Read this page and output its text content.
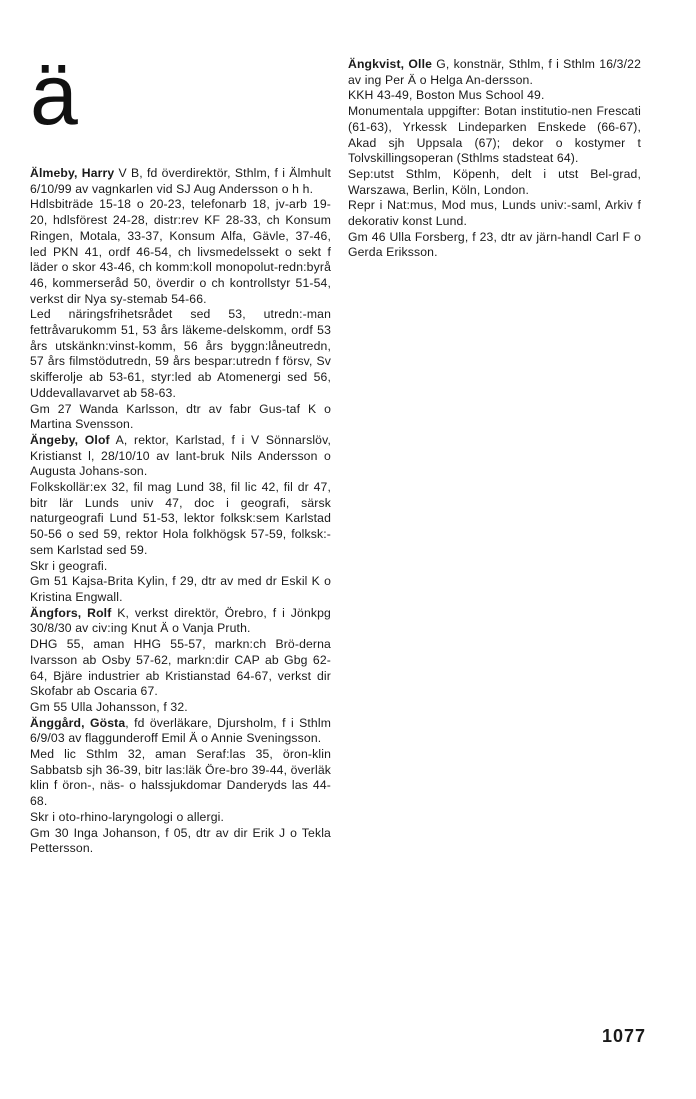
ä

Älmeby, Harry V B, fd överdirektör, Sthlm, f i Älmhult 6/10/99 av vagnkarlen vid SJ Aug Andersson o h h.

Hdlsbiträde 15-18 o 20-23, telefonarb 18, jv-arb 19-20, hdlsförest 24-28, distr:rev KF 28-33, ch Konsum Ringen, Motala, 33-37, Konsum Alfa, Gävle, 37-46, led PKN 41, ordf 46-54, ch livsmedelssekt o sekt f läder o skor 43-46, ch komm:koll monopolut-redn:byrå 46, kommerseråd 50, överdir o ch kontrollstyr 51-54, verkst dir Nya sy-stemab 54-66.

Led näringsfrihetsrådet sed 53, utredn:-man fettråvarukomm 51, 53 års läkeme-delskomm, ordf 53 års utskänkn:vinst-komm, 56 års byggn:låneutredn, 57 års filmstödutredn, 59 års bespar:utredn f försv, Sv skifferolje ab 53-61, styr:led ab Atomenergi sed 56, Uddevallavarvet ab 58-63.

Gm 27 Wanda Karlsson, dtr av fabr Gus-taf K o Martina Svensson.

Ängeby, Olof A, rektor, Karlstad, f i V Sönnarslöv, Kristianst l, 28/10/10 av lant-bruk Nils Andersson o Augusta Johans-son.

Folkskollär:ex 32, fil mag Lund 38, fil lic 42, fil dr 47, bitr lär Lunds univ 47, doc i geografi, särsk naturgeografi Lund 51-53, lektor folksk:sem Karlstad 50-56 o sed 59, rektor Hola folkhögsk 57-59, folksk:-sem Karlstad sed 59.

Skr i geografi.

Gm 51 Kajsa-Brita Kylin, f 29, dtr av med dr Eskil K o Kristina Engwall.

Ängfors, Rolf K, verkst direktör, Örebro, f i Jönkpg 30/8/30 av civ:ing Knut Ä o Vanja Pruth.

DHG 55, aman HHG 55-57, markn:ch Brö-derna Ivarsson ab Osby 57-62, markn:dir CAP ab Gbg 62-64, Bjäre industrier ab Kristianstad 64-67, verkst dir Skofabr ab Oscaria 67.

Gm 55 Ulla Johansson, f 32.

Änggård, Gösta, fd överläkare, Djursholm, f i Sthlm 6/9/03 av flaggunderoff Emil Ä o Annie Sveningsson.

Med lic Sthlm 32, aman Seraf:las 35, öron-klin Sabbatsb sjh 36-39, bitr las:läk Öre-bro 39-44, överläk klin f öron-, näs- o halssjukdomar Danderyds las 44-68.

Skr i oto-rhino-laryngologi o allergi.

Gm 30 Inga Johanson, f 05, dtr av dir Erik J o Tekla Pettersson.

Ängkvist, Olle G, konstnär, Sthlm, f i Sthlm 16/3/22 av ing Per Ä o Helga An-dersson.

KKH 43-49, Boston Mus School 49.

Monumentala uppgifter: Botan institutio-nen Frescati (61-63), Yrkessk Lindeparken Enskede (66-67), Akad sjh Uppsala (67); dekor o kostymer t Tolvskillingsoperan (Sthlms stadsteat 64).

Sep:utst Sthlm, Köpenh, delt i utst Bel-grad, Warszawa, Berlin, Köln, London.

Repr i Nat:mus, Mod mus, Lunds univ:-saml, Arkiv f dekorativ konst Lund.

Gm 46 Ulla Forsberg, f 23, dtr av järn-handl Carl F o Gerda Eriksson.

1077
